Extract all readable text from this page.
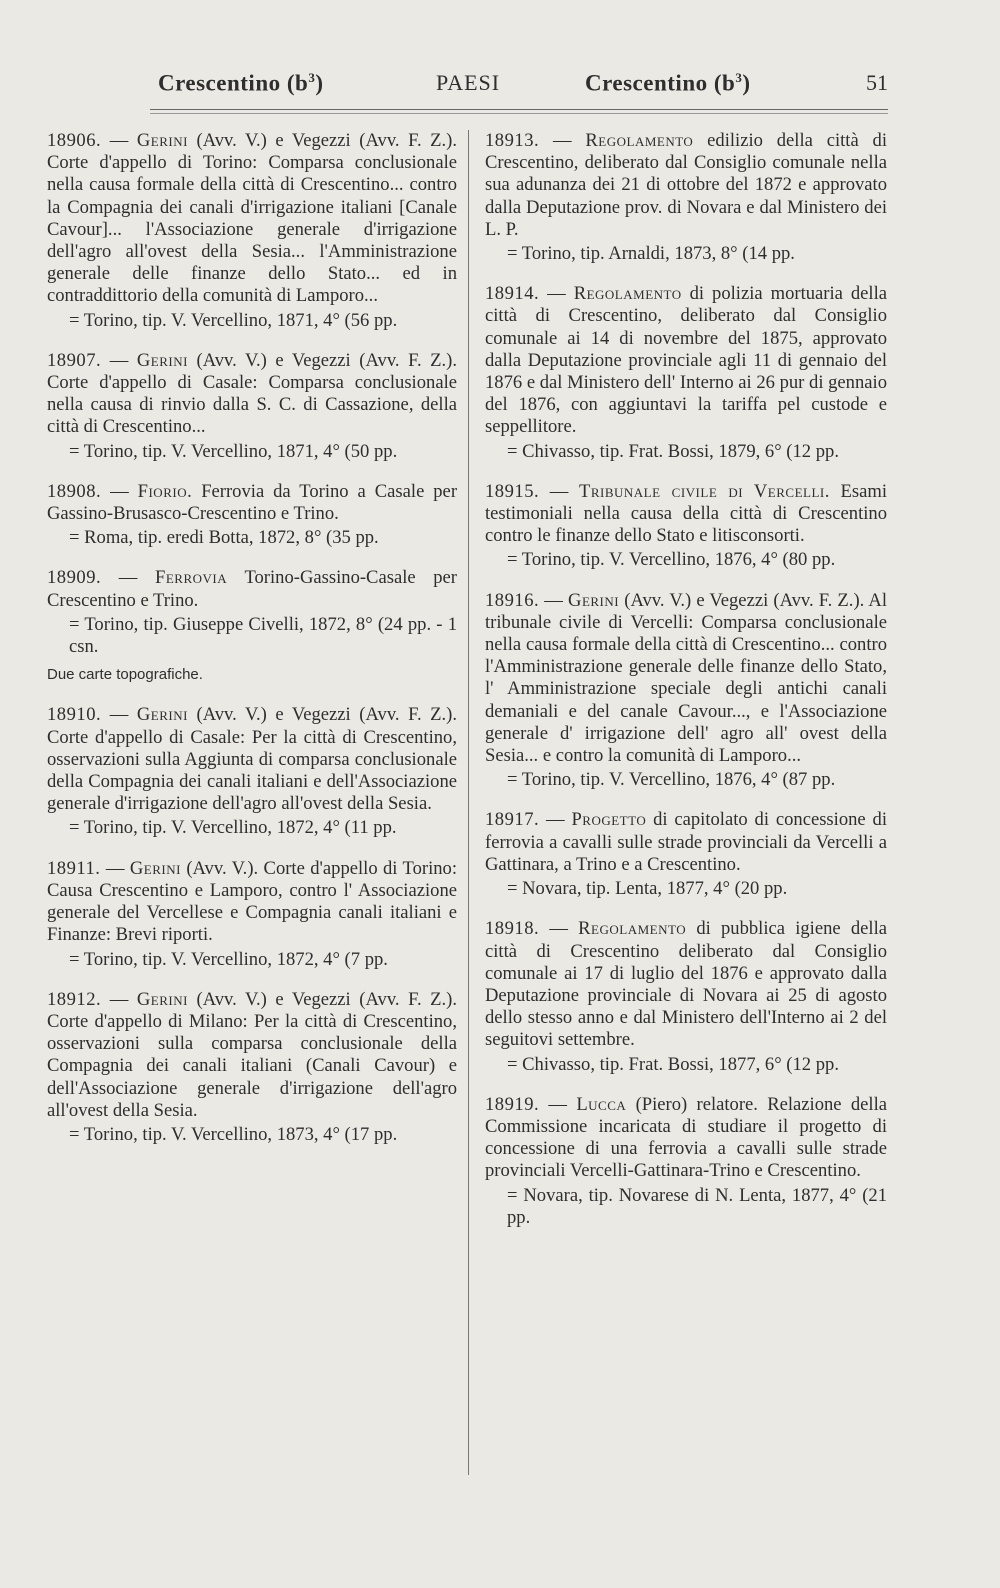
Crescentino $(b^3)$	PAESI	Crescentino $(b^3)$	51

18906. — Gerini (Avv. V.) e Vegezzi (Avv. F. Z.). Corte d'appello di Torino: Comparsa conclusionale nella causa formale della città di Crescentino... contro la Compagnia dei canali d'irrigazione italiani [Canale Cavour]... l'Associazione generale d'irrigazione dell'agro all'ovest della Sesia... l'Amministrazione generale delle finanze dello Stato... ed in contraddittorio della comunità di Lamporo...
= Torino, tip. V. Vercellino, 1871, 4° (56 pp.

18907. — Gerini (Avv. V.) e Vegezzi (Avv. F. Z.). Corte d'appello di Casale: Comparsa conclusionale nella causa di rinvio dalla S. C. di Cassazione, della città di Crescentino...
= Torino, tip. V. Vercellino, 1871, 4° (50 pp.

18908. — Fiorio. Ferrovia da Torino a Casale per Gassino-Brusasco-Crescentino e Trino.
= Roma, tip. eredi Botta, 1872, 8° (35 pp.

18909. — Ferrovia Torino-Gassino-Casale per Crescentino e Trino.
= Torino, tip. Giuseppe Civelli, 1872, 8° (24 pp. - 1 csn.
Due carte topografiche.

18910. — Gerini (Avv. V.) e Vegezzi (Avv. F. Z.). Corte d'appello di Casale: Per la città di Crescentino, osservazioni sulla Aggiunta di comparsa conclusionale della Compagnia dei canali italiani e dell'Associazione generale d'irrigazione dell'agro all'ovest della Sesia.
= Torino, tip. V. Vercellino, 1872, 4° (11 pp.

18911. — Gerini (Avv. V.). Corte d'appello di Torino: Causa Crescentino e Lamporo, contro l' Associazione generale del Vercellese e Compagnia canali italiani e Finanze: Brevi riporti.
= Torino, tip. V. Vercellino, 1872, 4° (7 pp.

18912. — Gerini (Avv. V.) e Vegezzi (Avv. F. Z.). Corte d'appello di Milano: Per la città di Crescentino, osservazioni sulla comparsa conclusionale della Compagnia dei canali italiani (Canali Cavour) e dell'Associazione generale d'irrigazione dell'agro all'ovest della Sesia.
= Torino, tip. V. Vercellino, 1873, 4° (17 pp.

18913. — Regolamento edilizio della città di Crescentino, deliberato dal Consiglio comunale nella sua adunanza dei 21 di ottobre del 1872 e approvato dalla Deputazione prov. di Novara e dal Ministero dei L. P.
= Torino, tip. Arnaldi, 1873, 8° (14 pp.

18914. — Regolamento di polizia mortuaria della città di Crescentino, deliberato dal Consiglio comunale ai 14 di novembre del 1875, approvato dalla Deputazione provinciale agli 11 di gennaio del 1876 e dal Ministero dell' Interno ai 26 pur di gennaio del 1876, con aggiuntavi la tariffa pel custode e seppellitore.
= Chivasso, tip. Frat. Bossi, 1879, 6° (12 pp.

18915. — Tribunale civile di Vercelli. Esami testimoniali nella causa della città di Crescentino contro le finanze dello Stato e litisconsorti.
= Torino, tip. V. Vercellino, 1876, 4° (80 pp.

18916. — Gerini (Avv. V.) e Vegezzi (Avv. F. Z.). Al tribunale civile di Vercelli: Comparsa conclusionale nella causa formale della città di Crescentino... contro l'Amministrazione generale delle finanze dello Stato, l' Amministrazione speciale degli antichi canali demaniali e del canale Cavour..., e l'Associazione generale d' irrigazione dell' agro all' ovest della Sesia... e contro la comunità di Lamporo...
= Torino, tip. V. Vercellino, 1876, 4° (87 pp.

18917. — Progetto di capitolato di concessione di ferrovia a cavalli sulle strade provinciali da Vercelli a Gattinara, a Trino e a Crescentino.
= Novara, tip. Lenta, 1877, 4° (20 pp.

18918. — Regolamento di pubblica igiene della città di Crescentino deliberato dal Consiglio comunale ai 17 di luglio del 1876 e approvato dalla Deputazione provinciale di Novara ai 25 di agosto dello stesso anno e dal Ministero dell'Interno ai 2 del seguitovi settembre.
= Chivasso, tip. Frat. Bossi, 1877, 6° (12 pp.

18919. — Lucca (Piero) relatore. Relazione della Commissione incaricata di studiare il progetto di concessione di una ferrovia a cavalli sulle strade provinciali Vercelli-Gattinara-Trino e Crescentino.
= Novara, tip. Novarese di N. Lenta, 1877, 4° (21 pp.
